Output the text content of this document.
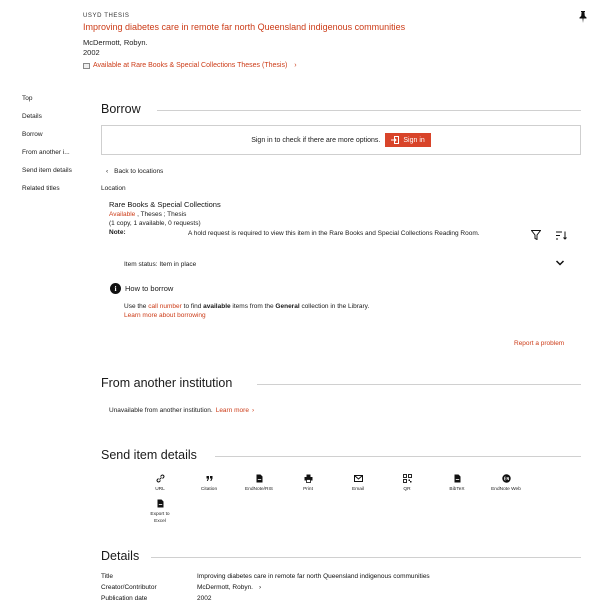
USYD THESIS
Improving diabetes care in remote far north Queensland indigenous communities
McDermott, Robyn.
2002
Available at Rare Books & Special Collections Theses (Thesis) ›
Top
Details
Borrow
From another i...
Send item details
Related titles
Borrow
Sign in to check if there are more options.	Sign in
‹ Back to locations
Location
Rare Books & Special Collections
Available , Theses ; Thesis
(1 copy, 1 available, 0 requests)
Note:	A hold request is required to view this item in the Rare Books and Special Collections Reading Room.
Item status: Item in place
i	How to borrow
Use the call number to find available items from the General collection in the Library.
Learn more about borrowing
Report a problem
From another institution
Unavailable from another institution. Learn more ›
Send item details
URL	Citation	EndNote/RIS	Print	Email	QR	BibTeX	EndNote Web
Export to Excel
Details
Title	Improving diabetes care in remote far north Queensland indigenous communities
Creator/Contributor	McDermott, Robyn. ›
Publication date	2002
